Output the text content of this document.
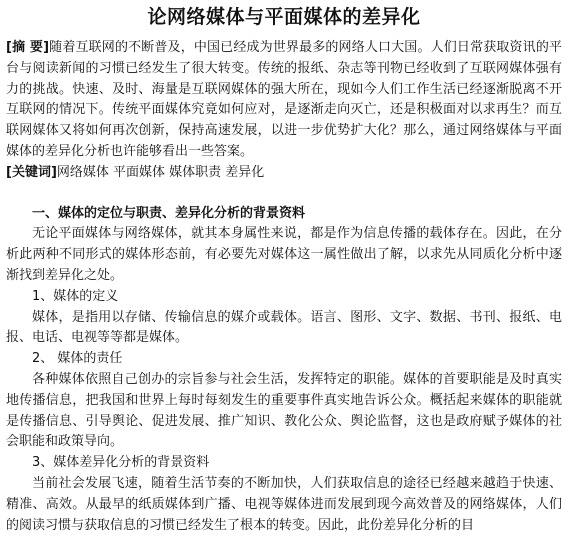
论网络媒体与平面媒体的差异化

[摘 要]随着互联网的不断普及，中国已经成为世界最多的网络人口大国。人们日常获取资讯的平台与阅读新闻的习惯已经发生了很大转变。传统的报纸、杂志等刊物已经收到了互联网媒体强有力的挑战。快速、及时、海量是互联网媒体的强大所在，现如今人们工作生活已经逐渐脱离不开互联网的情况下。传统平面媒体究竟如何应对，是逐渐走向灭亡，还是积极面对以求再生？而互联网媒体又将如何再次创新，保持高速发展，以进一步优势扩大化？那么，通过网络媒体与平面媒体的差异化分析也许能够看出一些答案。

[关键词]网络媒体 平面媒体 媒体职责 差异化

一、媒体的定位与职责、差异化分析的背景资料

无论平面媒体与网络媒体，就其本身属性来说，都是作为信息传播的载体存在。因此，在分析此两种不同形式的媒体形态前，有必要先对媒体这一属性做出了解，以求先从同质化分析中逐渐找到差异化之处。

1、媒体的定义

媒体，是指用以存储、传输信息的媒介或载体。语言、图形、文字、数据、书刊、报纸、电报、电话、电视等等都是媒体。

2、 媒体的责任

各种媒体依照自己创办的宗旨参与社会生活，发挥特定的职能。媒体的首要职能是及时真实地传播信息，把我国和世界上每时每刻发生的重要事件真实地告诉公众。概括起来媒体的职能就是传播信息、引导舆论、促进发展、推广知识、教化公众、舆论监督，这也是政府赋予媒体的社会职能和政策导向。

3、媒体差异化分析的背景资料

当前社会发展飞速，随着生活节奏的不断加快，人们获取信息的途径已经越来越趋于快速、精准、高效。从最早的纸质媒体到广播、电视等媒体进而发展到现今高效普及的网络媒体，人们的阅读习惯与获取信息的习惯已经发生了根本的转变。因此，此份差异化分析的目
